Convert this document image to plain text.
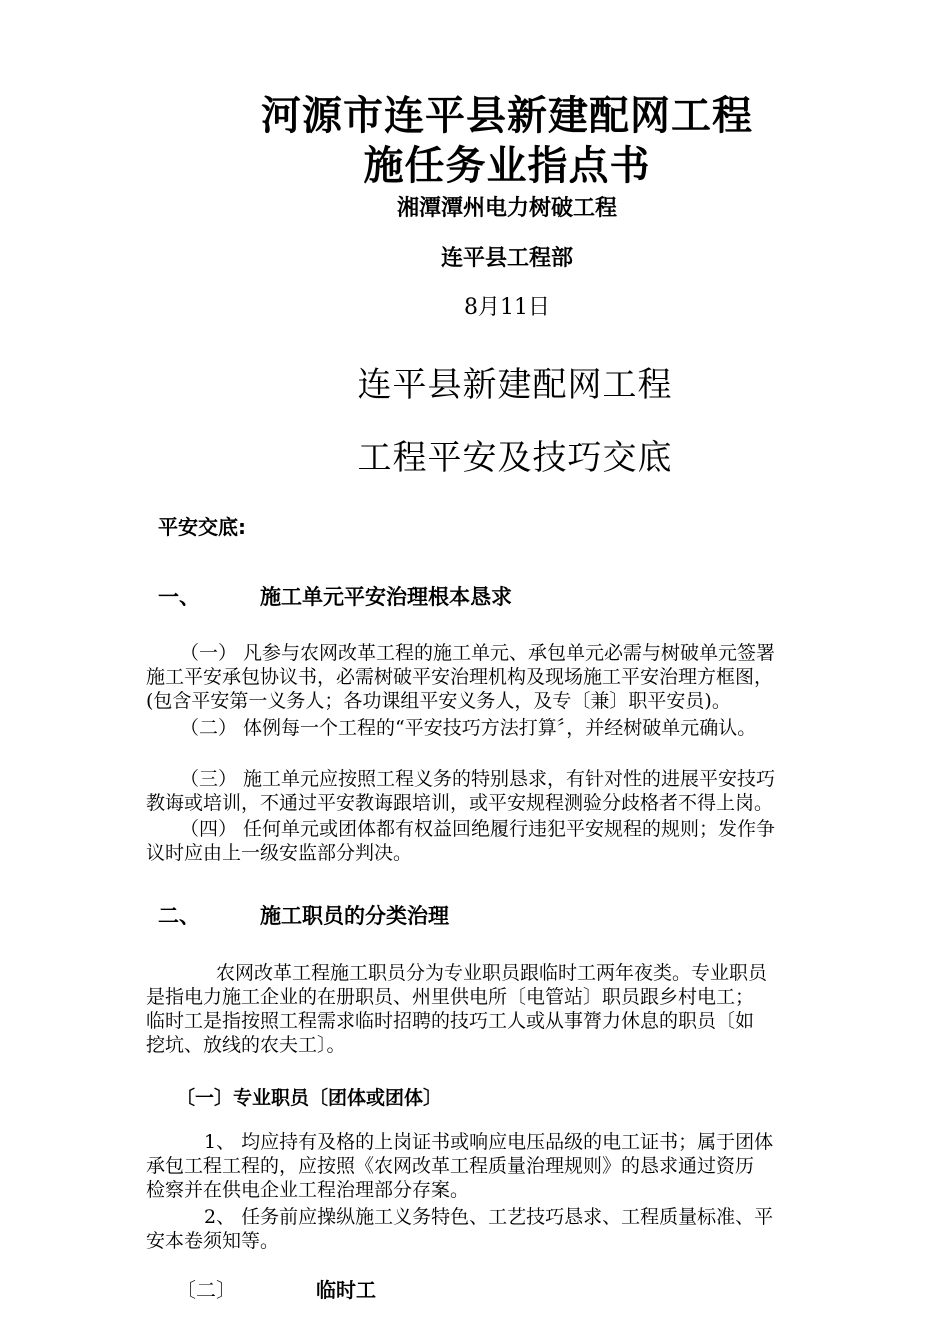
河源市连平县新建配网工程
施任务业指点书
湘潭潭州电力树破工程
连平县工程部
8月11日
连平县新建配网工程
工程平安及技巧交底
平安交底:
一、	施工单元平安治理根本恳求
（一） 凡参与农网改革工程的施工单元、承包单元必需与树破单元签署
施工平安承包协议书，必需树破平安治理机构及现场施工平安治理方框图，
(包含平安第一义务人；各功课组平安义务人，及专〔兼〕职平安员)。
（二） 体例每一个工程的“平安技巧方法打算〞，并经树破单元确认。
（三） 施工单元应按照工程义务的特别恳求，有针对性的进展平安技巧
教诲或培训，不通过平安教诲跟培训，或平安规程测验分歧格者不得上岗。
（四） 任何单元或团体都有权益回绝履行违犯平安规程的规则；发作争
议时应由上一级安监部分判决。
二、	施工职员的分类治理
农网改革工程施工职员分为专业职员跟临时工两年夜类。专业职员
是指电力施工企业的在册职员、州里供电所〔电管站〕职员跟乡村电工；
临时工是指按照工程需求临时招聘的技巧工人或从事膂力休息的职员〔如
挖坑、放线的农夫工〕。
〔一〕专业职员〔团体或团体〕
1、 均应持有及格的上岗证书或响应电压品级的电工证书；属于团体
承包工程工程的，应按照《农网改革工程质量治理规则》的恳求通过资历
检察并在供电企业工程治理部分存案。
2、 任务前应操纵施工义务特色、工艺技巧恳求、工程质量标准、平
安本卷须知等。
〔二〕	临时工
